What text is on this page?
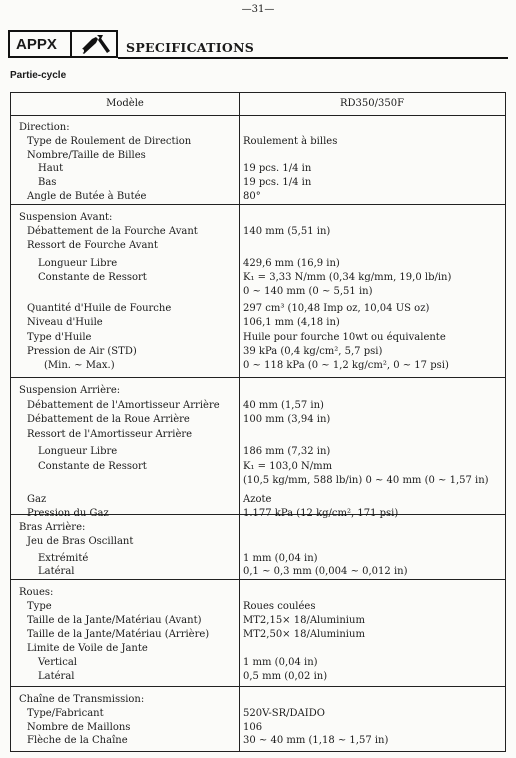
—31—
APPX	SPECIFICATIONS
Partie-cycle
Modèle	RD350/350F
Direction:
Type de Roulement de Direction	Roulement à billes
Nombre/Taille de Billes
Haut	19 pcs. 1/4 in
Bas	19 pcs. 1/4 in
Angle de Butée à Butée	80°
Suspension Avant:
Débattement de la Fourche Avant	140 mm (5,51 in)
Ressort de Fourche Avant
Longueur Libre	429,6 mm (16,9 in)
Constante de Ressort	K₁ = 3,33 N/mm (0,34 kg/mm, 19,0 lb/in)
0 ~ 140 mm (0 ~ 5,51 in)
Quantité d'Huile de Fourche	297 cm³ (10,48 Imp oz, 10,04 US oz)
Niveau d'Huile	106,1 mm (4,18 in)
Type d'Huile	Huile pour fourche 10wt ou équivalente
Pression de Air (STD)	39 kPa (0,4 kg/cm², 5,7 psi)
(Min. ~ Max.)	0 ~ 118 kPa (0 ~ 1,2 kg/cm², 0 ~ 17 psi)
Suspension Arrière:
Débattement de l'Amortisseur Arrière 40 mm (1,57 in)
Débattement de la Roue Arrière	100 mm (3,94 in)
Ressort de l'Amortisseur Arrière
Longueur Libre	186 mm (7,32 in)
Constante de Ressort	K₁ = 103,0 N/mm
(10,5 kg/mm, 588 lb/in) 0 ~ 40 mm (0 ~ 1,57 in)
Gaz	Azote
Pression du Gaz	1.177 kPa (12 kg/cm², 171 psi)
Bras Arrière:
Jeu de Bras Oscillant
Extrémité	1 mm (0,04 in)
Latéral	0,1 ~ 0,3 mm (0,004 ~ 0,012 in)
Roues:
Type	Roues coulées
Taille de la Jante/Matériau (Avant)	MT2,15× 18/Aluminium
Taille de la Jante/Matériau (Arrière)	MT2,50× 18/Aluminium
Limite de Voile de Jante
Vertical	1 mm (0,04 in)
Latéral	0,5 mm (0,02 in)
Chaîne de Transmission:
Type/Fabricant	520V-SR/DAIDO
Nombre de Maillons	106
Flèche de la Chaîne	30 ~ 40 mm (1,18 ~ 1,57 in)
